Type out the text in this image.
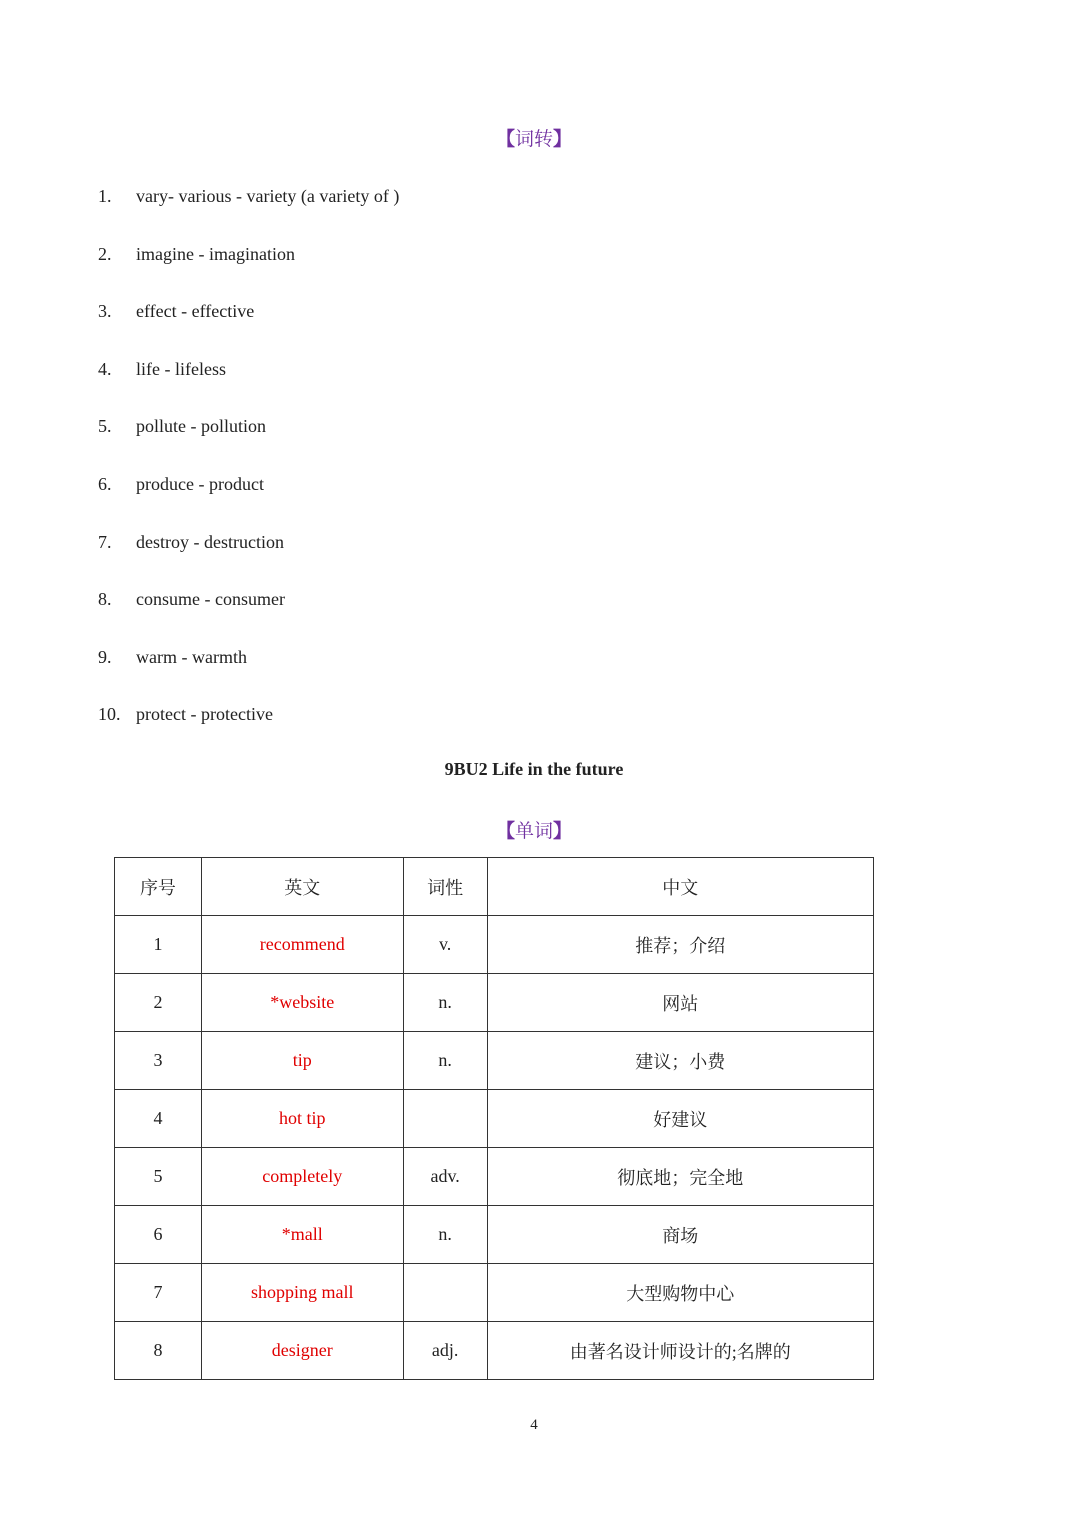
【词转】
1. vary- various - variety (a variety of )
2. imagine - imagination
3. effect - effective
4. life - lifeless
5. pollute - pollution
6. produce - product
7. destroy - destruction
8. consume - consumer
9. warm - warmth
10. protect - protective
9BU2 Life in the future
【单词】
序号	英文	词性	中文
1	recommend	v.	推荐；介绍
2	*website	n.	网站
3	tip	n.	建议；小费
4	hot tip		好建议
5	completely	adv.	彻底地；完全地
6	*mall	n.	商场
7	shopping mall		大型购物中心
8	designer	adj.	由著名设计师设计的;名牌的
4
